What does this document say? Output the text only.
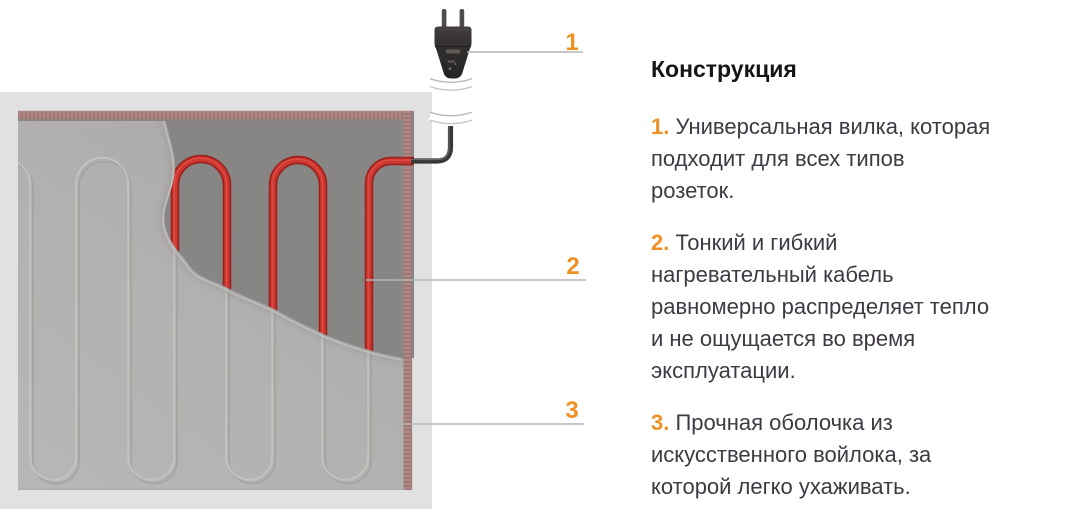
1
2
3
Конструкция
1. Универсальная вилка, которая
подходит для всех типов
розеток.
2. Тонкий и гибкий
нагревательный кабель
равномерно распределяет тепло
и не ощущается во время
эксплуатации.
3. Прочная оболочка из
искусственного войлока, за
которой легко ухаживать.
